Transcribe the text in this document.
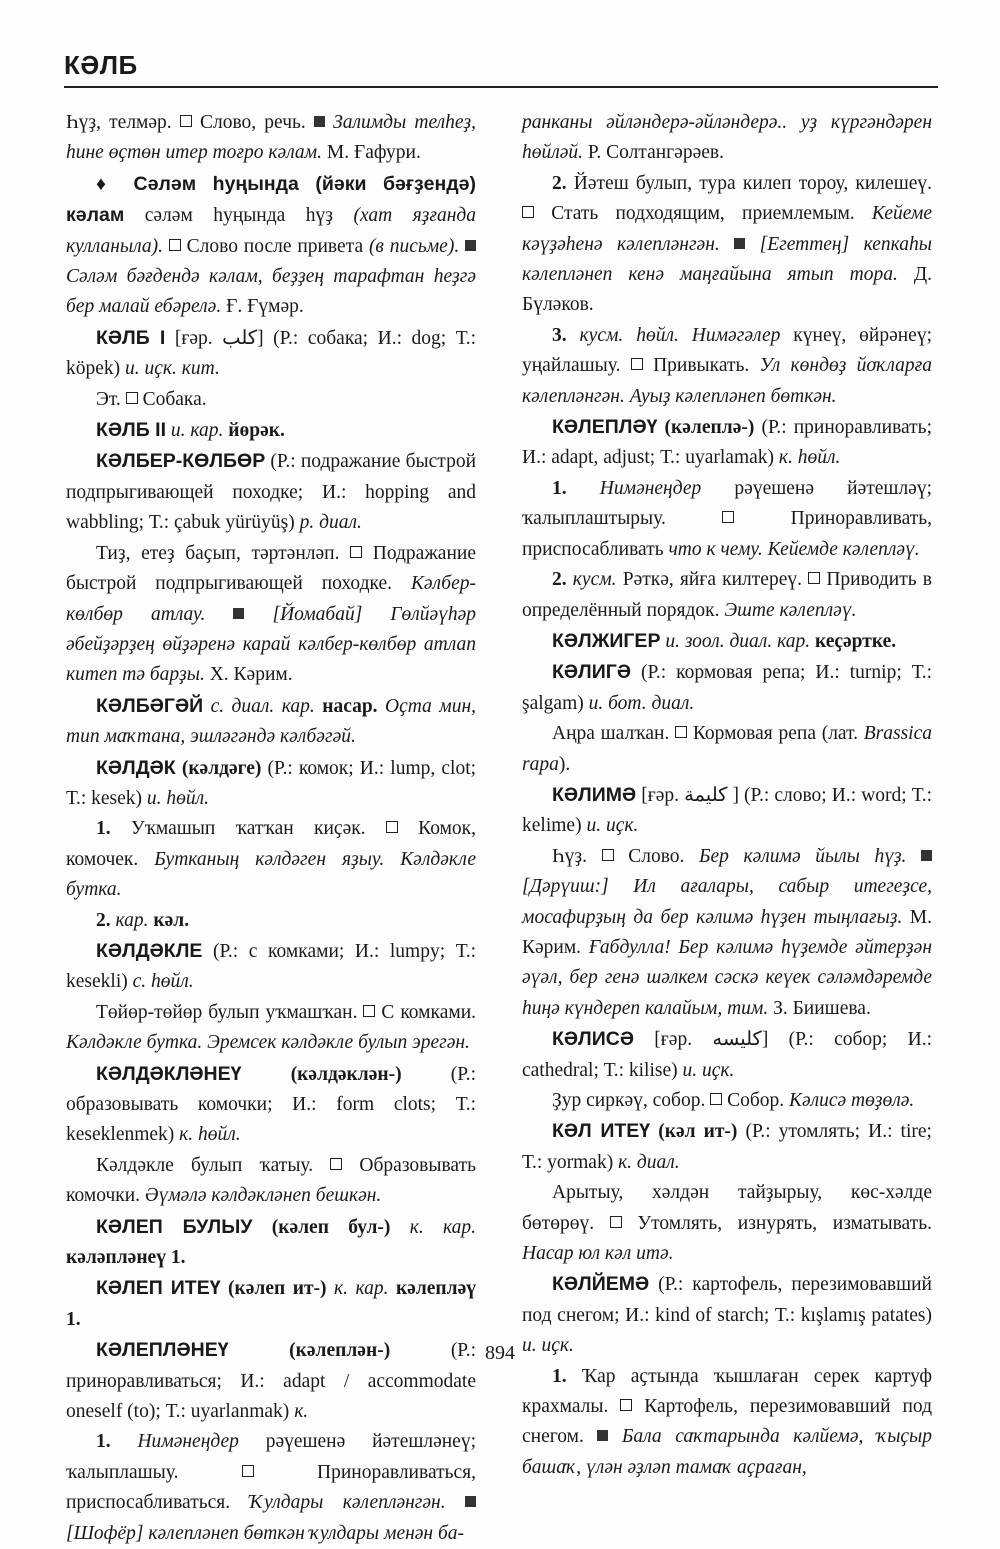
КӘЛБ

Һүҙ, телмәр. Слово, речь. Залимды телһеҙ, һине өҫтөн итер тоғро кәлам. М. Ғафури.

♦ Сәләм һуңында (йәки бәғҙендә) кәлам сәләм һуңында һүҙ (хат яҙғанда кулланыла). Слово после привета (в письме).  Сәләм бәғдендә кәлам, беҙҙең тарафтан һеҙгә бер малай ебәрелә. Ғ. Ғүмәр.

КӘЛБ I [ғәр. كلب] (Р.: собака; И.: dog; Т.: köpek) и. иҫк. кит.

Эт. Собака.

КӘЛБ II и. кар. йөрәк.

КӘЛБЕР-КӨЛБӨР (Р.: подражание быстрой подпрыгивающей походке; И.: hopping and wabbling; Т.: çabuk yürüyüş) р. диал.

Тиҙ, етеҙ баҫып, тәртәнләп. Подражание быстрой подпрыгивающей походке. Кәлбер-көлбөр атлау.	[Йомабай] Гөлйәүһәр әбейҙәрҙең өйҙәренә карай кәлбер-көлбөр атлап китеп тә барҙы. Х. Кәрим.

КӘЛБӘГӘЙ с. диал. кар. насар. Оҫта мин, тип маҡтана, эшләгәндә кәлбәгәй.

КӘЛДӘК (кәлдәге) (Р.: комок; И.: lump, clot; Т.: kesek) и. һөйл.

1. Уҡмашып ҡатҡан киҫәк.	Комок, комочек. Бутканың кәлдәген яҙыу. Кәлдәкле бутка.

2. кар. кәл.

КӘЛДӘКЛЕ (Р.: с комками; И.: lumpy; Т.: kesekli) с. һөйл.

Төйөр-төйөр булып уҡмашҡан. С комками. Кәлдәкле бутка. Эремсек кәлдәкле булып эрегән.

КӘЛДӘКЛӘНЕҮ	(кәлдәклән-)	(Р.: образовывать комочки; И.: form clots; Т.: keseklenmek) к. һөйл.

Кәлдәкле булып ҡатыу. Образовывать комочки. Әүмәлә кәлдәкләнеп бешкән.

КӘЛЕП БУЛЫУ (кәлеп бул-) к. кар. кәләпләнеү 1.

КӘЛЕП ИТЕҮ (кәлеп ит-) к. кар. кәлепләү 1.

КӘЛЕПЛӘНЕҮ	(кәлеплән-)	(Р.: приноравливаться; И.: adapt / accommodate oneself (to); Т.: uyarlanmak) к.

1. Нимәнеңдер рәүешенә йәтешләнеү; ҡалыплашыу.	Приноравливаться, приспосабливаться. Ҡулдары кәлепләнгән.  [Шофёр] кәлепләнеп бөткән ҡулдары менән ба-

ранканы әйләндерә-әйләндерә.. уҙ күргәндәрен һөйләй. Р. Солтангәрәев.

2. Йәтеш булып, тура килеп тороу, килешеү.  Стать подходящим, приемлемым. Кейеме кәүҙәһенә кәлепләнгән. [Егеттең] кепкаһы кәлепләнеп кенә маңғайына ятып тора. Д. Бүләков.

3. кусм. һөйл. Нимәгәлер күнеү, өйрәнеү; уңайлашыу. Привыкать. Ул көндөҙ йоҡларға кәлепләнгән. Ауыҙ кәлепләнеп бөткән.

КӘЛЕПЛӘҮ (кәлеплә-) (Р.: приноравливать; И.: adapt, adjust; Т.: uyarlamak) к. һөйл.

1. Нимәнеңдер рәүешенә йәтешләү; ҡалыплаштырыу.	Приноравливать, приспосабливать что к чему. Кейемде кәлепләү.

2. кусм. Рәткә, яйға килтереү. Приводить в определённый порядок. Эште кәлепләү.

КӘЛЖИГЕР и. зоол. диал. кар. кеҫәртке.

КӘЛИГӘ (Р.: кормовая репа; И.: turnip; Т.: şalgam) и. бот. диал.

Аңра шалҡан. Кормовая репа (лат. Brassica rapa).

КӘЛИМӘ [ғәр. كليمة ] (Р.: слово; И.: word; Т.: kelime) и. иҫк.

Һүҙ. Слово. Бер кәлимә йылы һүҙ.  [Дәрүиш:] Ил ағалары, сабыр итегеҙсе, мосафирҙың да бер кәлимә һүҙен тыңлағыҙ. М. Кәрим. Ғабдулла! Бер кәлимә һүҙемде әйтерҙән әүәл, бер генә шәлкем сәскә кеүек сәләмдәремде һиңә күндереп калайым, тим. З. Биишева.

КӘЛИСӘ [ғәр. كليسه] (Р.: собор; И.: cathedral; Т.: kilise) и. иҫк.

Ҙур сиркәү, собор. Собор. Кәлисә төҙөлә.

КӘЛ ИТЕҮ (кәл ит-) (Р.: утомлять; И.: tire; Т.: yormak) к. диал.

Арытыу, хәлдән тайҙырыу, көс-хәлде бөтөрөү. Утомлять, изнурять, изматывать. Насар юл кәл итә.

КӘЛЙЕМӘ (Р.: картофель, перезимовавший под снегом; И.: kind of starch; Т.: kışlamış patates) и. иҫк.

1. Ҡар аҫтында ҡышлаған серек картуф крахмалы. Картофель, перезимовавший под снегом. Бала саҡтарында кәлйемә, ҡыҫыр башаҡ, үлән әҙләп тамаҡ аҫраған,

894
